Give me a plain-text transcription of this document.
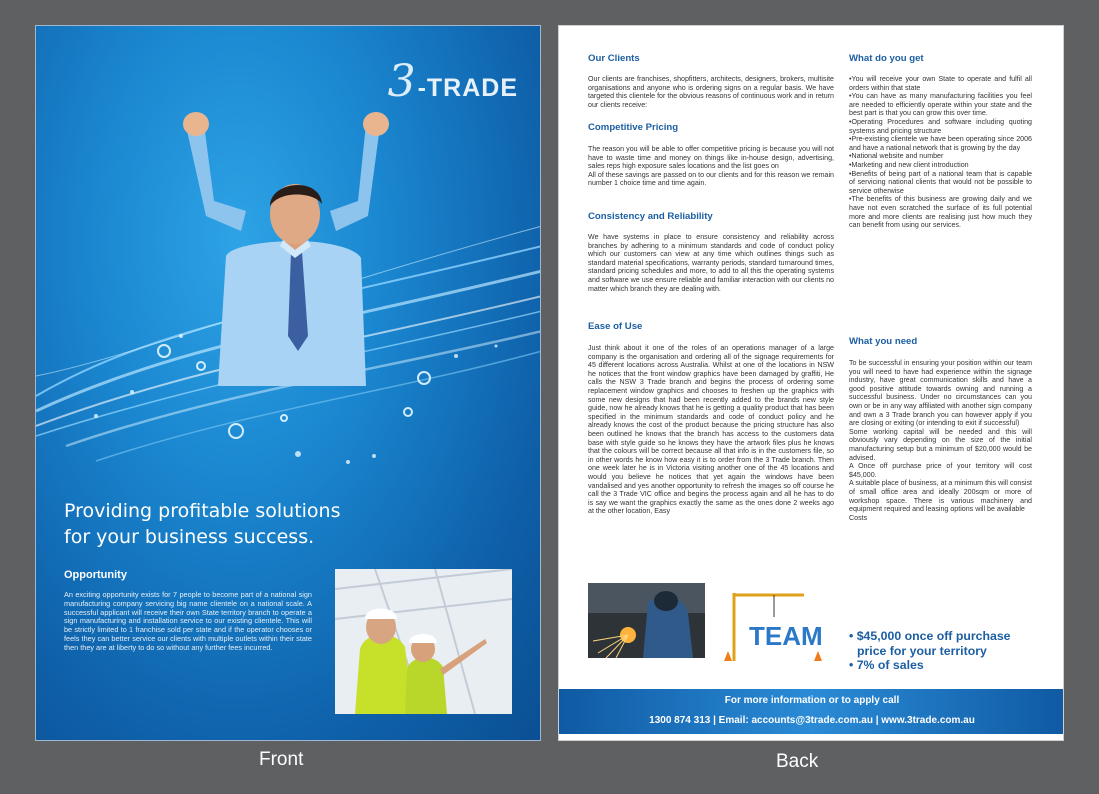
3 -TRADE
Providing profitable solutions
for your business success.
Opportunity
An exciting opportunity exists for 7 people to become part of a national sign manufacturing company servicing big name clientele on a national scale. A successful applicant will receive their own State territory branch to operate a sign manufacturing and installation service to our existing clientele. This will be strictly limited to 1 franchise sold per state and if the operator chooses or feels they can better service our clients with multiple outlets within their state then they are at liberty to do so without any further fees incurred.
Our Clients
Our clients are franchises, shopfitters, architects, designers, brokers, multisite organisations and anyone who is ordering signs on a regular basis. We have targeted this clientele for the obvious reasons of continuous work and in return our clients receive:
Competitive Pricing
The reason you will be able to offer competitive pricing is because you will not have to waste time and money on things like in-house design, advertising, sales reps high exposure sales locations and the list goes on
All of these savings are passed on to our clients and for this reason we remain number 1 choice time and time again.
Consistency and Reliability
We have systems in place to ensure consistency and reliability across branches by adhering to a minimum standards and code of conduct policy which our customers can view at any time which outlines things such as standard material specifications, warranty periods, standard turnaround times, standard pricing schedules and more, to add to all this the operating systems and software we use ensure reliable and familiar interaction with our clients no matter which branch they are dealing with.
Ease of Use
Just think about it one of the roles of an operations manager of a large company is the organisation and ordering all of the signage requirements for 45 different locations across Australia. Whilst at one of the locations in NSW he notices that the front window graphics have been damaged by graffiti, He calls the NSW 3 Trade branch and begins the process of ordering some replacement window graphics and chooses to freshen up the graphics with some new designs that had been recently added to the brands new style guide, now he already knows that he is getting a quality product that has been specified in the minimum standards and code of conduct policy and he already knows the cost of the product because the pricing structure has also been outlined he knows that the branch has access to the customers data base with style guide so he knows they have the artwork files plus he knows that the colours will be correct because all that info is in the customers file, so in other words he know how easy it is to order from the 3 Trade branch. Then one week later he is in Victoria visiting another one of the 45 locations and would you believe he notices that yet again the windows have been vandalised and yes another opportunity to refresh the images so off course he call the 3 Trade VIC office and begins the process again and all he has to do is say we want the graphics exactly the same as the ones done 2 weeks ago at the other location, Easy
What do you get
•You will receive your own State to operate and fulfil all orders within that state
•You can have as many manufacturing facilities you feel are needed to efficiently operate within your state and the best part is that you can grow this over time.
•Operating Procedures and software including quoting systems and pricing structure
•Pre-existing clientele we have been operating since 2006 and have a national network that is growing by the day
•National website and number
•Marketing and new client introduction
•Benefits of being part of a national team that is capable of servicing national clients that would not be possible to service otherwise
•The benefits of this business are growing daily and we have not even scratched the surface of its full potential more and more clients are realising just how much they can benefit from using our services.
What you need
To be successful in ensuring your position within our team you will need to have had experience within the signage industry, have great communication skills and have a good positive attitude towards owning and running a successful business. Under no circumstances can you own or be in any way affiliated with another sign company and own a 3 Trade branch you can however apply if you are closing or exiting (or intending to exit if successful)
Some working capital will be needed and this will obviously vary depending on the size of the initial manufacturing setup but a minimum of $20,000 would be advised.
A Once off purchase price of your territory will cost $45,000.
A suitable place of business, at a minimum this will consist of small office area and ideally 200sqm or more of workshop space. There is various machinery and equipment required and leasing options will be available
Costs
TEAM • $45,000 once off purchase
price for your territory
• 7% of sales
For more information or to apply call
1300 874 313 | Email: accounts@3trade.com.au | www.3trade.com.au
Front	Back
